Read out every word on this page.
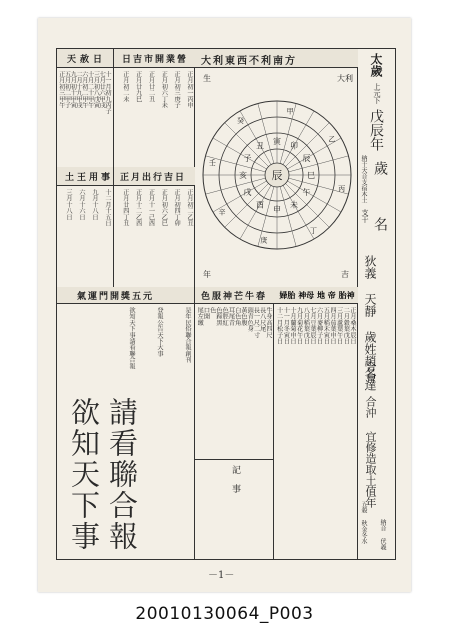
太歲
上元下
戊辰年
納干天音支宿木土 歲
支干
名
狄義 天靜 歲姓趙名達
合會 合沖 宜修造取土值年
五穀 秋金冬水 納音 伏羲
大利東西不利南方
寅
卯
辰
巳
午
未
申
酉
戌
亥
子
丑
甲
乙
丙
丁
庚
辛
壬
癸
辰
大利
年	吉
生
日吉市開業營
正月初一丙申
正月初三庚子
正月初六丁未
正月廿二丑
正月廿九巳
正月初二未
天赦日
十一月初九丙子
七月廿六甲戌
三月初八戊寅
十月二十甲午
六月初二甲午
二月十九甲戌
九月初十甲寅
五月初二甲子
正月初三甲午
正月出行吉日
正月初二乙丑
正月初四丁卯
正月初六乙巳
正月十一己酉
正月十二乙酉
正月廿四丁丑
土王用事
十二月十五日
九月十八日
六月十六日
三月十八日
婦胎 神母 地 帝 胎神
正月桑木辰日
二月穀葉戊日
三月蘆葉午日
四月茄葉申日
五月稻禾寅日
六月麥柳子日
七月豆葉辰日
八月稻葉戊日
九月菊花午日
十月蘭菊申日
十一月冬寅日
十二月松子日
色服神芒牛春
牛身高四尺
長八尺尾
長一尺二寸
頭青色身
黃色腹
白色角
耳尾青
色脛紅
色蹄黑
色
口開
尾左繳
記 事
氣運門開獎五元
是年民俗聯合報創刊
登報公告天下大事
欲知天下事請看聯合報
請看聯合報
欲知天下事
－1－
20010130064_P003
